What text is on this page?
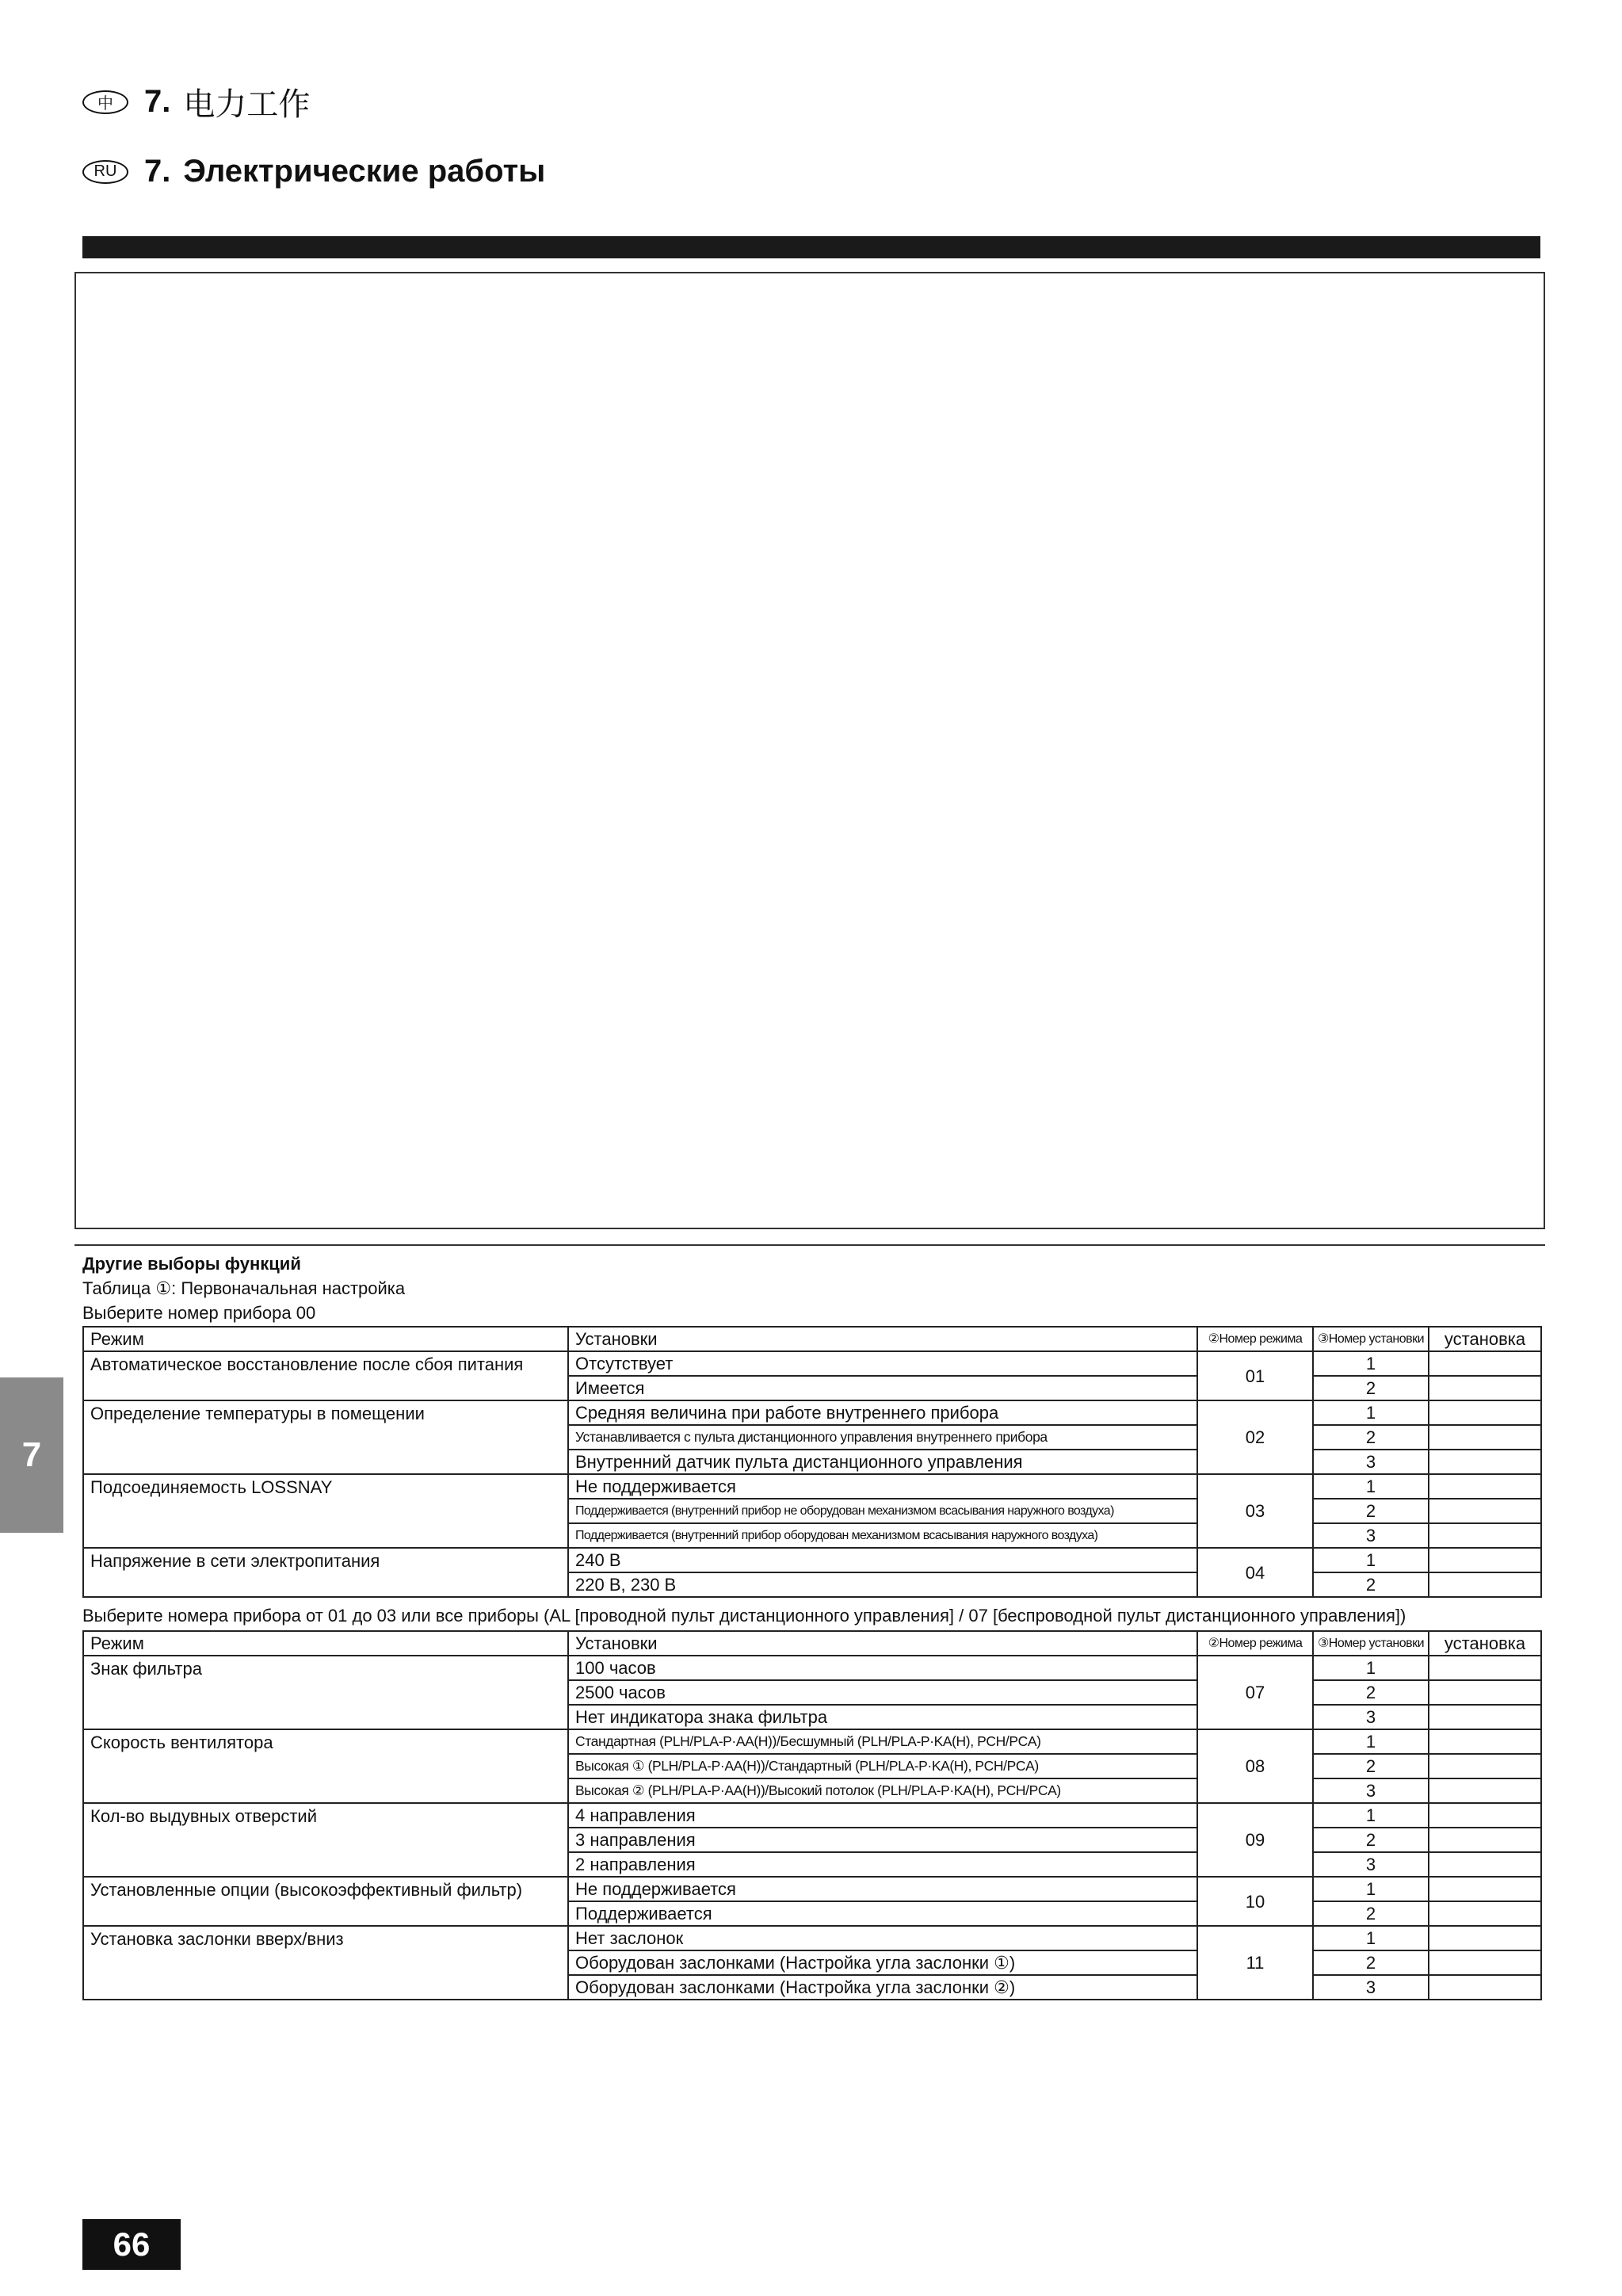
中 7. 电力工作
RU 7. Электрические работы
7
Другие выборы функций
Таблица ①: Первоначальная настройка
Выберите номер прибора 00
Режим	Установки	②Номер режима	③Номер установки	установка
Автоматическое восстановление после сбоя питания	Отсутствует	01	1	
	Имеется		2	
Определение температуры в помещении	Средняя величина при работе внутреннего прибора	02	1	
	Устанавливается с пульта дистанционного управления внутреннего прибора		2	
	Внутренний датчик пульта дистанционного управления		3	
Подсоединяемость LOSSNAY	Не поддерживается	03	1	
	Поддерживается (внутренний прибор не оборудован механизмом всасывания наружного воздуха)		2	
	Поддерживается (внутренний прибор оборудован механизмом всасывания наружного воздуха)		3	
Напряжение в сети электропитания	240 В	04	1	
	220 В, 230 В		2	
Выберите номера прибора от 01 до 03 или все приборы (AL [проводной пульт дистанционного управления] / 07 [беспроводной пульт дистанционного управления])
Режим	Установки	②Номер режима	③Номер установки	установка
Знак фильтра	100 часов	07	1	
	2500 часов		2	
	Нет индикатора знака фильтра		3	
Скорость вентилятора	Стандартная (PLH/PLA-P·AA(H))/Бесшумный (PLH/PLA-P·KA(H), PCH/PCA)	08	1	
	Высокая ① (PLH/PLA-P·AA(H))/Стандартный (PLH/PLA-P·KA(H), PCH/PCA)		2	
	Высокая ② (PLH/PLA-P·AA(H))/Высокий потолок (PLH/PLA-P·KA(H), PCH/PCA)		3	
Кол-во выдувных отверстий	4 направления	09	1	
	3 направления		2	
	2 направления		3	
Установленные опции (высокоэффективный фильтр)	Не поддерживается	10	1	
	Поддерживается		2	
Установка заслонки вверх/вниз	Нет заслонок	11	1	
	Оборудован заслонками (Настройка угла заслонки ①)		2	
	Оборудован заслонками (Настройка угла заслонки ②)		3	
66
